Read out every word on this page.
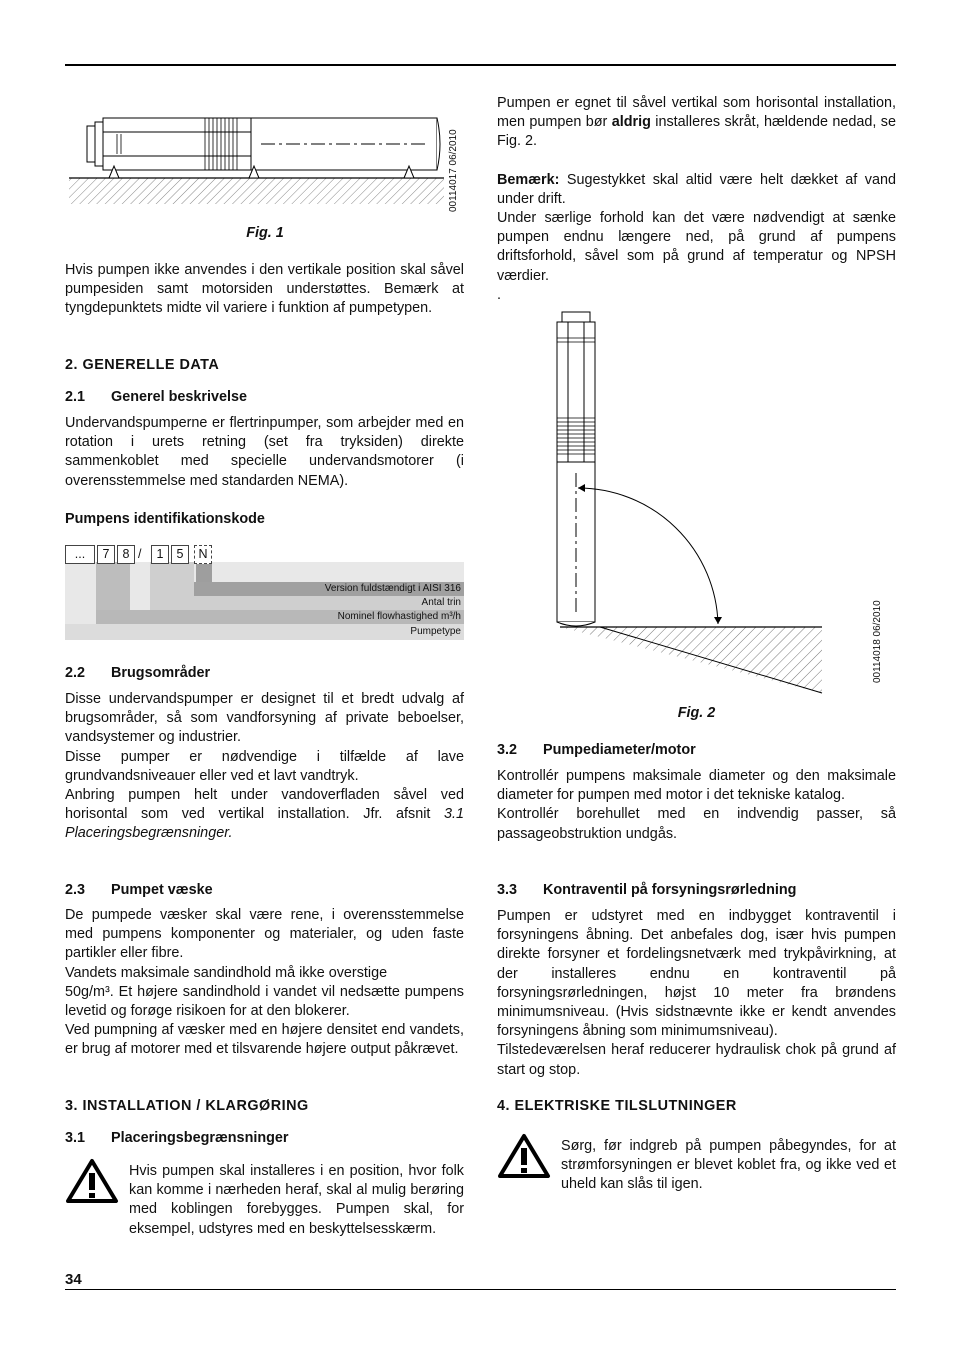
34
00114017 06/2010
Fig. 1

Hvis pumpen ikke anvendes i den vertikale position skal såvel pumpesiden samt motorsiden understøttes. Bemærk at tyngdepunktets midte vil variere i funktion af pumpetypen.

2. GENERELLE DATA
2.1 Generel beskrivelse

Undervandspumperne er flertrinpumper, som arbejder med en rotation i urets retning (set fra tryksiden) direkte sammenkoblet med specielle undervandsmotorer (i overensstemmelse med standarden NEMA).

Pumpens identifikationskode
...	7	8 /	1	5	N
Version fuldstændigt i AISI 316
Antal trin
Nominel flowhastighed m³/h
Pumpetype
2.2 Brugsområder

Disse undervandspumper er designet til et bredt udvalg af brugsområder, så som vandforsyning af private beboelser, vandsystemer og industrier.

Disse pumper er nødvendige i tilfælde af lave grundvandsniveauer eller ved et lavt vandtryk.

Anbring pumpen helt under vandoverfladen såvel ved horisontal som ved vertikal installation. Jfr. afsnit 3.1 Placeringsbegrænsninger.

2.3 Pumpet væske

De pumpede væsker skal være rene, i overensstemmelse med pumpens komponenter og materialer, og uden faste partikler eller fibre.

Vandets maksimale sandindhold må ikke overstige

50g/m³. Et højere sandindhold i vandet vil nedsætte pumpens levetid og forøge risikoen for at den blokerer.

Ved pumpning af væsker med en højere densitet end vandets, er brug af motorer med et tilsvarende højere output påkrævet.

3. INSTALLATION / KLARGØRING
3.1 Placeringsbegrænsninger
Hvis pumpen skal installeres i en position, hvor folk kan komme i nærheden heraf, skal al mulig berøring med koblingen forebygges. Pumpen skal, for eksempel, udstyres med en beskyttelsesskærm.

Pumpen er egnet til såvel vertikal som horisontal installation, men pumpen bør aldrig installeres skråt, hældende nedad, se Fig. 2.

Bemærk: Sugestykket skal altid være helt dækket af vand under drift.

Under særlige forhold kan det være nødvendigt at sænke pumpen endnu længere ned, på grund af pumpens driftsforhold, såvel som på grund af temperatur og NPSH værdier.

.

00114018 06/2010
Fig. 2
3.2 Pumpediameter/motor

Kontrollér pumpens maksimale diameter og den maksimale diameter for pumpen med motor i det tekniske katalog.

Kontrollér borehullet med en indvendig passer, så passageobstruktion undgås.

3.3 Kontraventil på forsyningsrørledning

Pumpen er udstyret med en indbygget kontraventil i forsyningens åbning. Det anbefales dog, især hvis pumpen direkte forsyner et fordelingsnetværk med trykpåvirkning, at der installeres endnu en kontraventil på forsyningsrørledningen, højst 10 meter fra brøndens minimumsniveau. (Hvis sidstnævnte ikke er kendt anvendes forsyningens åbning som minimumsniveau).

Tilstedeværelsen heraf reducerer hydraulisk chok på grund af start og stop.

4. ELEKTRISKE TILSLUTNINGER
Sørg, før indgreb på pumpen påbegyndes, for at strømforsyningen er blevet koblet fra, og ikke ved et uheld kan slås til igen.
